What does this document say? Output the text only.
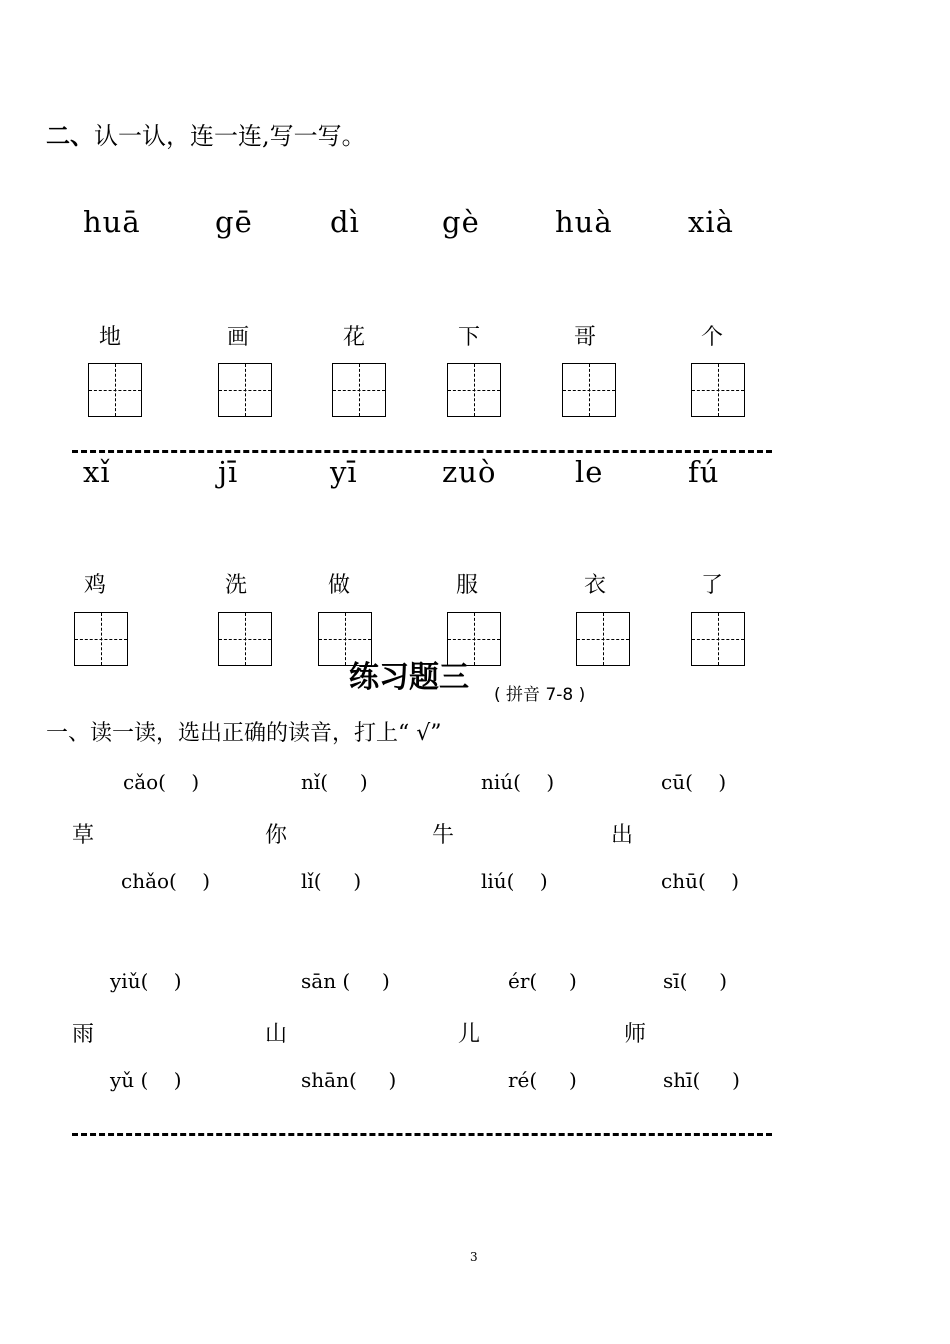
二、认一认，连一连,写一写。
huā	gē	dì	gè	huà	xià
地	画	花	下	哥	个
xǐ	jī	yī	zuò	le	fú
鸡	洗	做	服	衣	了
练习题三 ( 拼音 7-8 )
一、读一读，选出正确的读音，打上“ √”
cǎo(    )	nǐ(     )	niú(    )	cū(    )
草	你	牛	出
chǎo(    )	lǐ(     )	liú(    )	chū(    )
yiǔ(    )	sān (     )	ér(     )	sī(     )
雨	山	儿	师
yǔ (    )	shān(     )	ré(     )	shī(     )
3
